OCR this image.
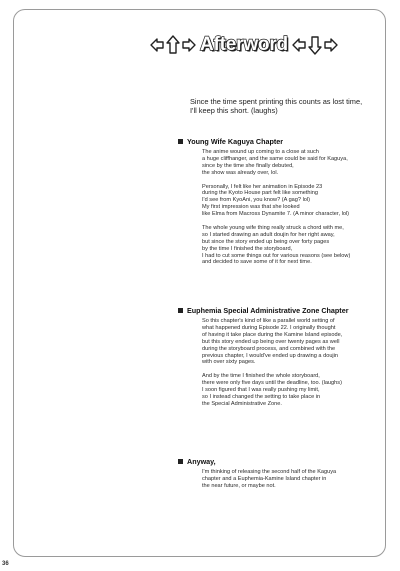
Afterword
Since the time spent printing this counts as lost time,
I'll keep this short. (laughs)
Young Wife Kaguya Chapter
The anime wound up coming to a close at such
a huge cliffhanger, and the same could be said for Kaguya,
since by the time she finally debuted,
the show was already over, lol.
Personally, I felt like her animation in Episode 23
during the Kyoto House part felt like something
I'd see from KyoAni, you know? (A gag? lol)
My first impression was that she looked
like Elma from Macross Dynamite 7. (A minor character, lol)
The whole young wife thing really struck a chord with me,
so I started drawing an adult doujin for her right away,
but since the story ended up being over forty pages
by the time I finished the storyboard,
I had to cut some things out for various reasons (see below)
and decided to save some of it for next time.
Euphemia Special Administrative Zone Chapter
So this chapter's kind of like a parallel world setting of
what happened during Episode 22. I originally thought
of having it take place during the Kamine Island episode,
but this story ended up being over twenty pages as well
during the storyboard process, and combined with the
previous chapter, I would've ended up drawing a doujin
with over sixty pages.
And by the time I finished the whole storyboard,
there were only five days until the deadline, too. (laughs)
I soon figured that I was really pushing my limit,
so I instead changed the setting to take place in
the Special Administrative Zone.
Anyway,
I'm thinking of releasing the second half of the Kaguya
chapter and a Euphemia-Kamine Island chapter in
the near future, or maybe not.
36
